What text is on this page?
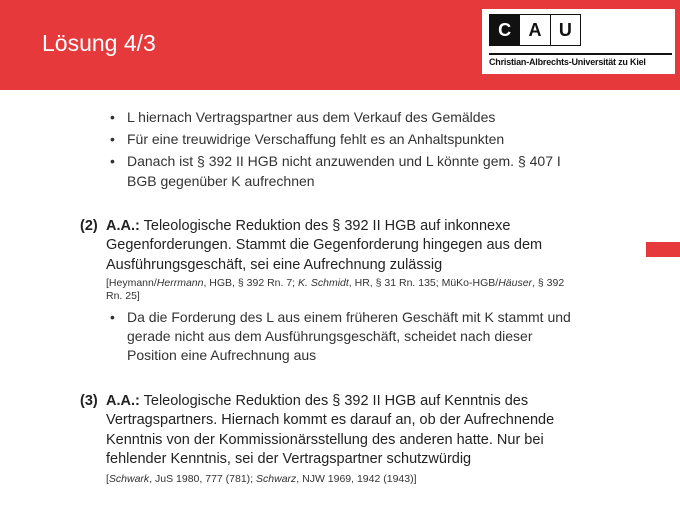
Lösung 4/3
C A U
Christian-Albrechts-Universität zu Kiel
• L hiernach Vertragspartner aus dem Verkauf des Gemäldes
• Für eine treuwidrige Verschaffung fehlt es an Anhaltspunkten
• Danach ist § 392 II HGB nicht anzuwenden und L könnte gem. § 407 I
BGB gegenüber K aufrechnen
(2) A.A.: Teleologische Reduktion des § 392 II HGB auf inkonnexe
Gegenforderungen. Stammt die Gegenforderung hingegen aus dem
Ausführungsgeschäft, sei eine Aufrechnung zulässig
[Heymann/Herrmann, HGB, § 392 Rn. 7; K. Schmidt, HR, § 31 Rn. 135; MüKo-HGB/Häuser, § 392
Rn. 25]
• Da die Forderung des L aus einem früheren Geschäft mit K stammt und
gerade nicht aus dem Ausführungsgeschäft, scheidet nach dieser
Position eine Aufrechnung aus
(3) A.A.: Teleologische Reduktion des § 392 II HGB auf Kenntnis des
Vertragspartners. Hiernach kommt es darauf an, ob der Aufrechnende
Kenntnis von der Kommissionärsstellung des anderen hatte. Nur bei
fehlender Kenntnis, sei der Vertragspartner schutzwürdig
[Schwark, JuS 1980, 777 (781); Schwarz, NJW 1969, 1942 (1943)]
